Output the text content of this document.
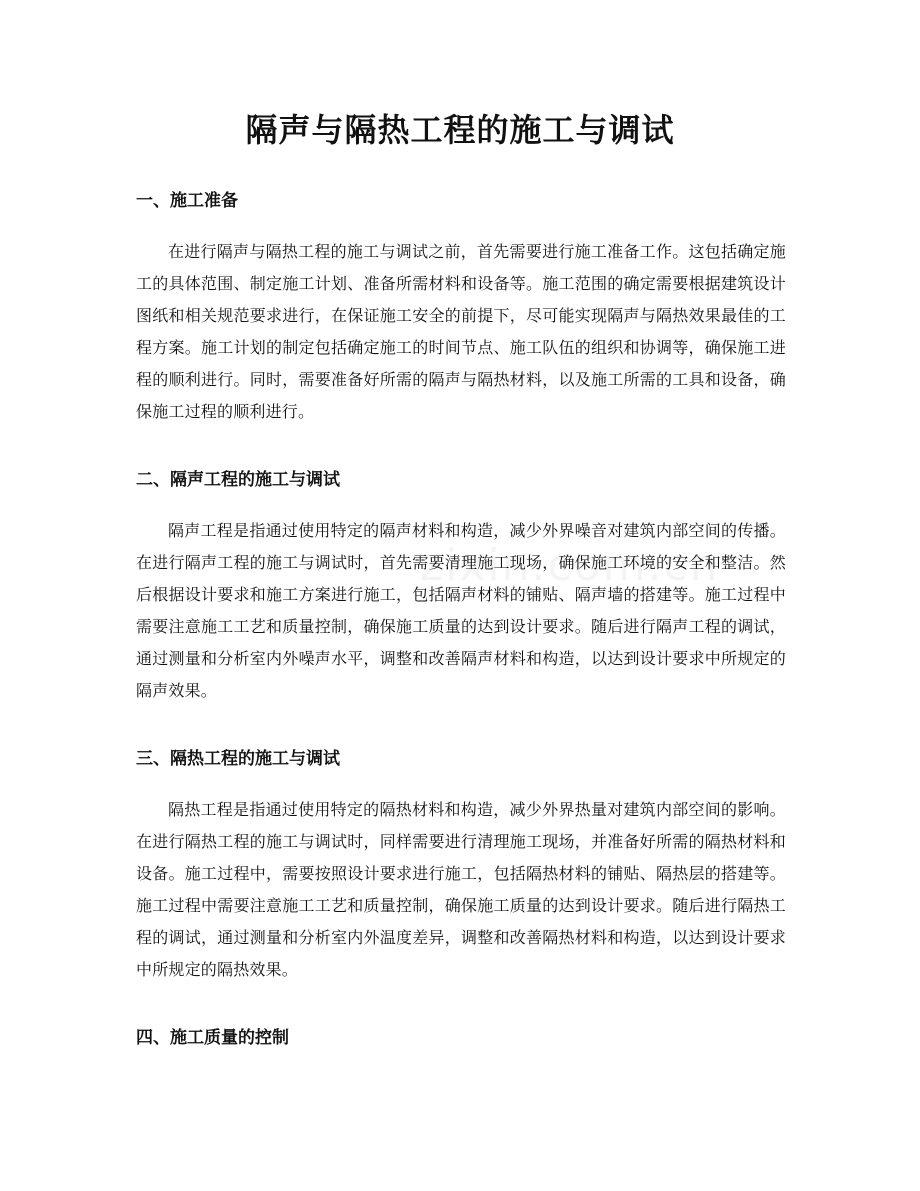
隔声与隔热工程的施工与调试
一、施工准备

在进行隔声与隔热工程的施工与调试之前，首先需要进行施工准备工作。这包括确定施工的具体范围、制定施工计划、准备所需材料和设备等。施工范围的确定需要根据建筑设计图纸和相关规范要求进行，在保证施工安全的前提下，尽可能实现隔声与隔热效果最佳的工程方案。施工计划的制定包括确定施工的时间节点、施工队伍的组织和协调等，确保施工进程的顺利进行。同时，需要准备好所需的隔声与隔热材料，以及施工所需的工具和设备，确保施工过程的顺利进行。

二、隔声工程的施工与调试

隔声工程是指通过使用特定的隔声材料和构造，减少外界噪音对建筑内部空间的传播。在进行隔声工程的施工与调试时，首先需要清理施工现场，确保施工环境的安全和整洁。然后根据设计要求和施工方案进行施工，包括隔声材料的铺贴、隔声墙的搭建等。施工过程中需要注意施工工艺和质量控制，确保施工质量的达到设计要求。随后进行隔声工程的调试，通过测量和分析室内外噪声水平，调整和改善隔声材料和构造，以达到设计要求中所规定的隔声效果。

三、隔热工程的施工与调试

隔热工程是指通过使用特定的隔热材料和构造，减少外界热量对建筑内部空间的影响。在进行隔热工程的施工与调试时，同样需要进行清理施工现场，并准备好所需的隔热材料和设备。施工过程中，需要按照设计要求进行施工，包括隔热材料的铺贴、隔热层的搭建等。施工过程中需要注意施工工艺和质量控制，确保施工质量的达到设计要求。随后进行隔热工程的调试，通过测量和分析室内外温度差异，调整和改善隔热材料和构造，以达到设计要求中所规定的隔热效果。

四、施工质量的控制
